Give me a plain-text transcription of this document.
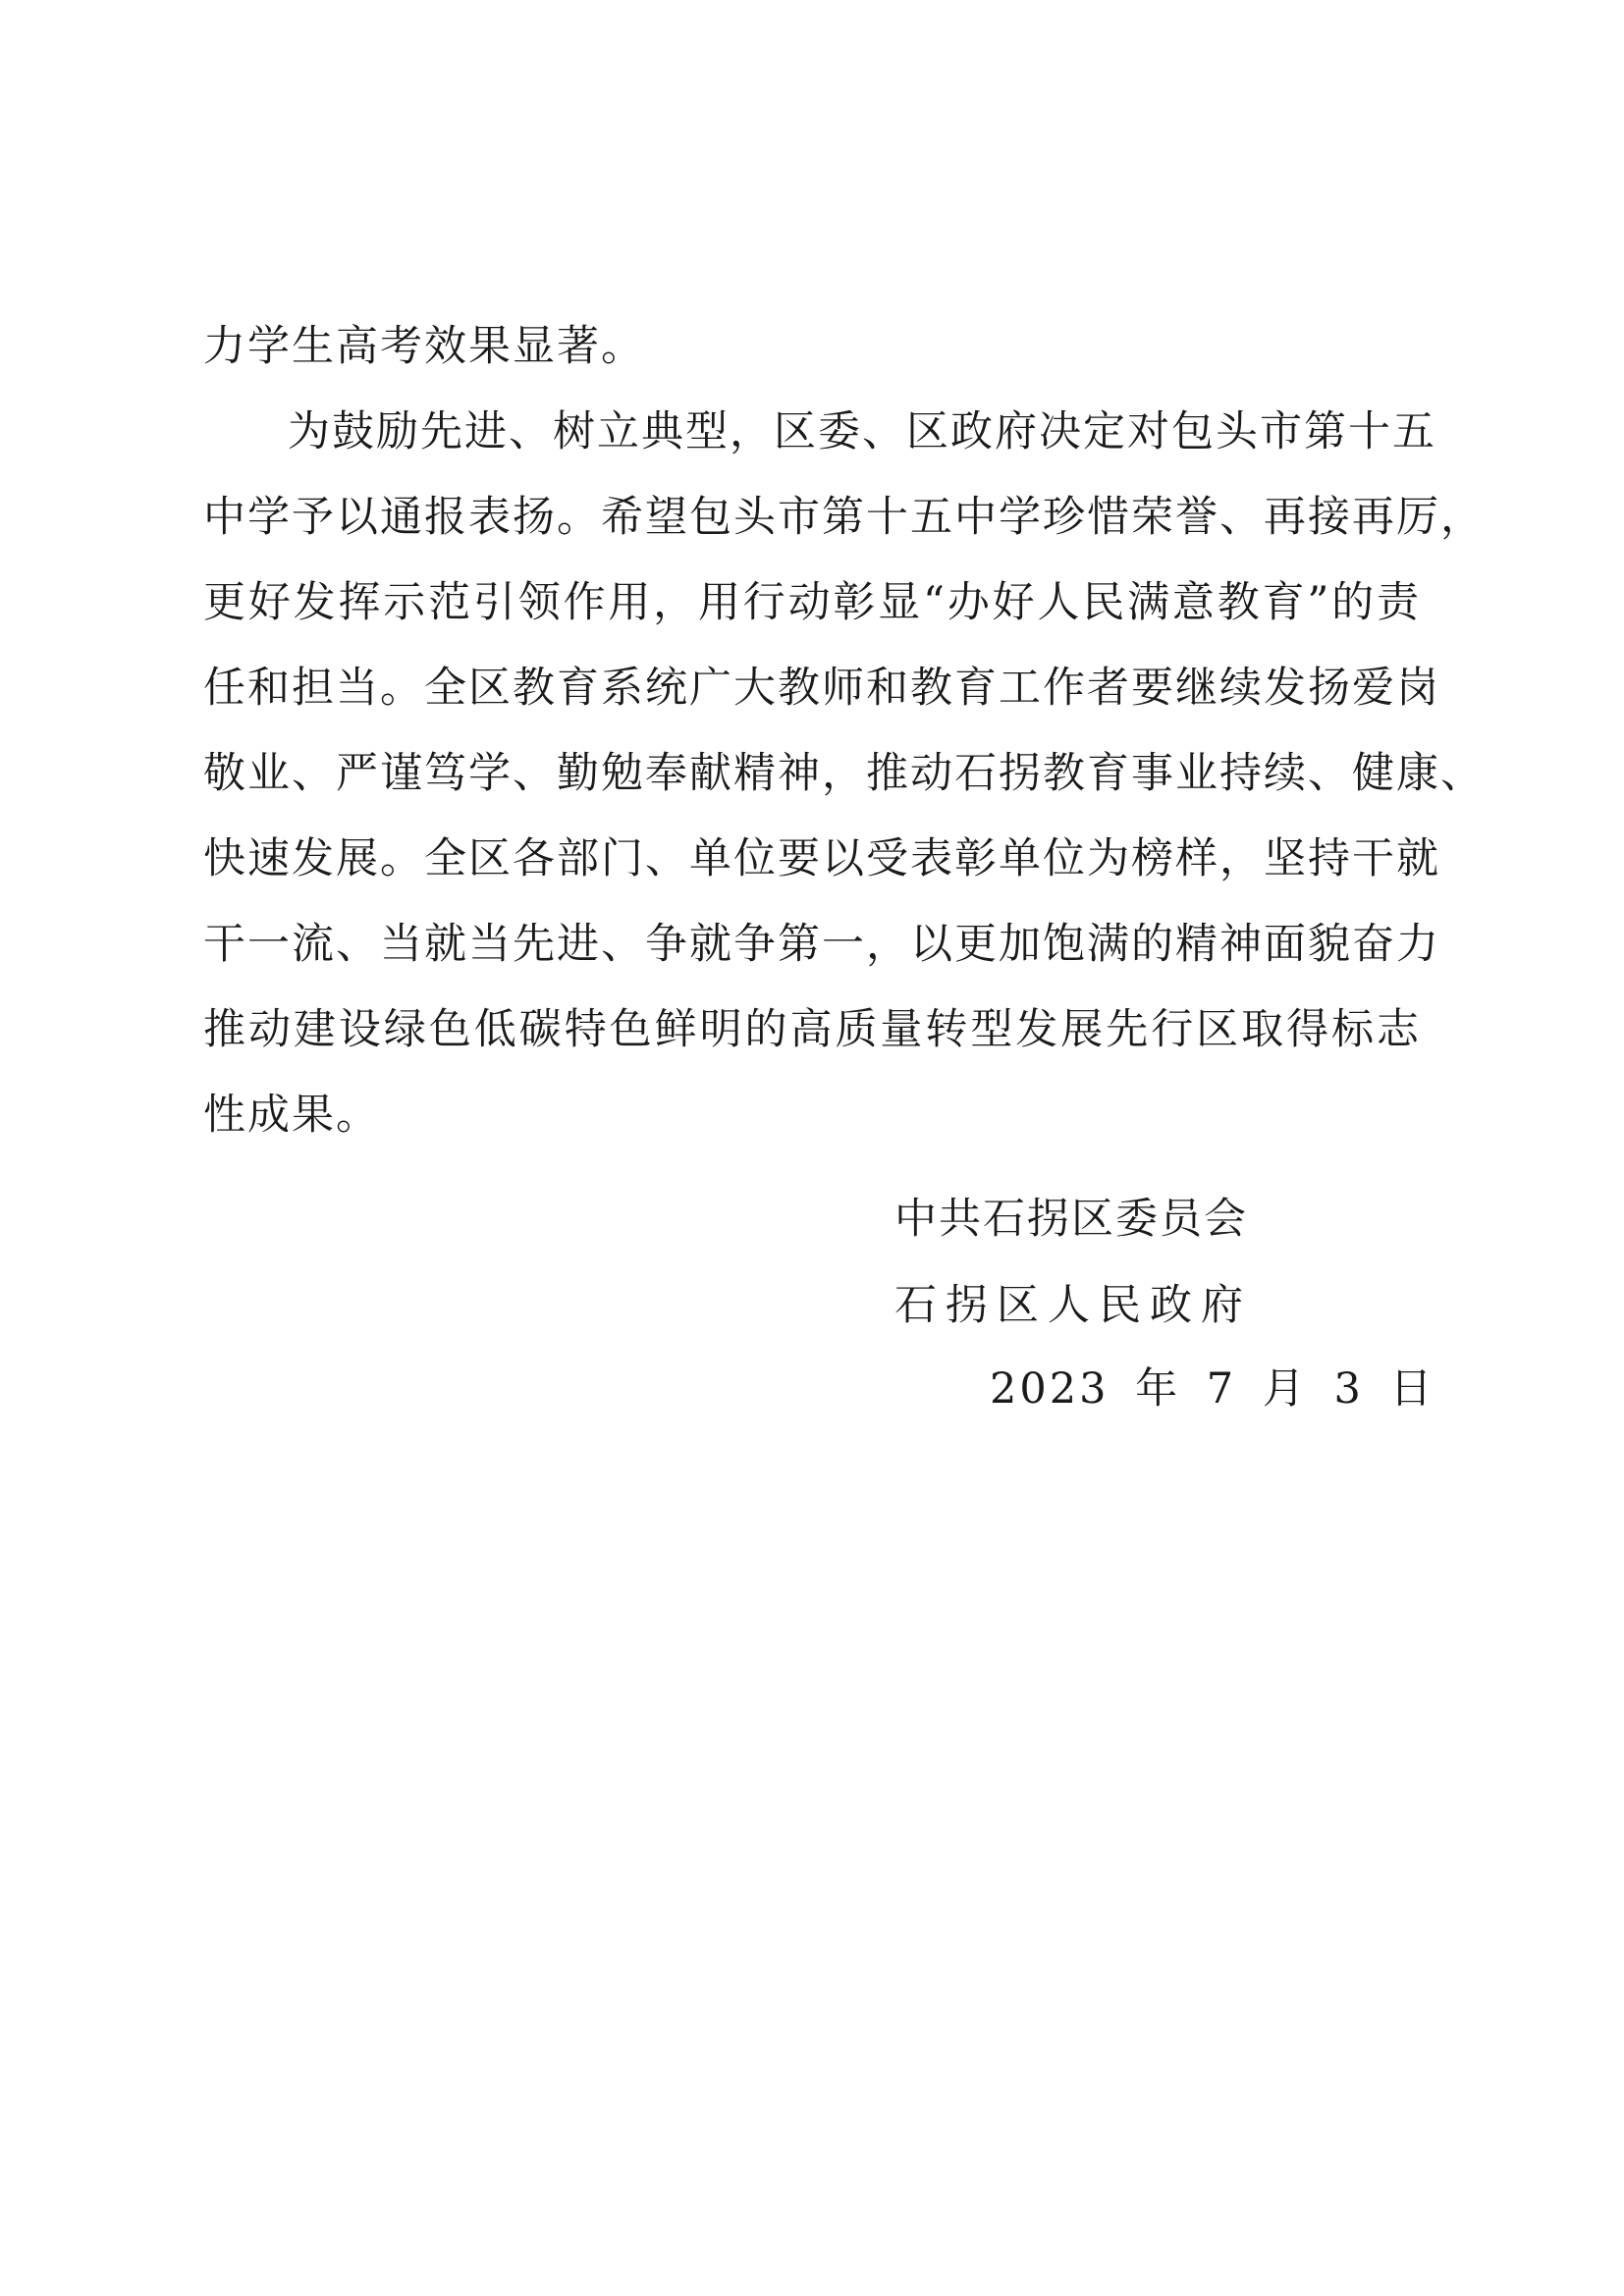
力学生高考效果显著。
为鼓励先进、树立典型，区委、区政府决定对包头市第十五
中学予以通报表扬。希望包头市第十五中学珍惜荣誉、再接再厉，
更好发挥示范引领作用，用行动彰显“办好人民满意教育”的责
任和担当。全区教育系统广大教师和教育工作者要继续发扬爱岗
敬业、严谨笃学、勤勉奉献精神，推动石拐教育事业持续、健康、
快速发展。全区各部门、单位要以受表彰单位为榜样，坚持干就
干一流、当就当先进、争就争第一，以更加饱满的精神面貌奋力
推动建设绿色低碳特色鲜明的高质量转型发展先行区取得标志
性成果。
中共石拐区委员会
石拐区人民政府
2023 年 7 月 3 日
